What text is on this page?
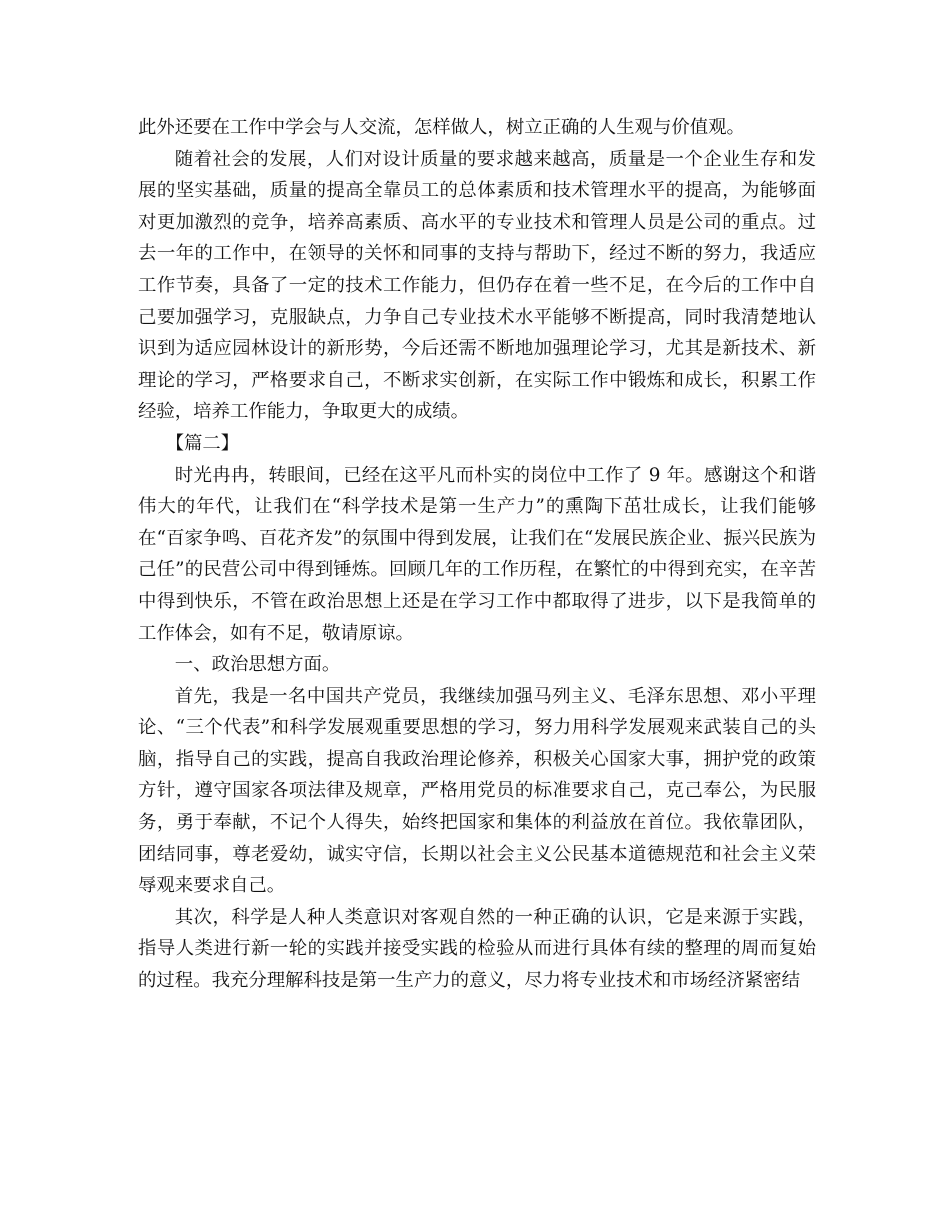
此外还要在工作中学会与人交流，怎样做人，树立正确的人生观与价值观。

随着社会的发展，人们对设计质量的要求越来越高，质量是一个企业生存和发展的坚实基础，质量的提高全靠员工的总体素质和技术管理水平的提高，为能够面对更加激烈的竞争，培养高素质、高水平的专业技术和管理人员是公司的重点。过去一年的工作中，在领导的关怀和同事的支持与帮助下，经过不断的努力，我适应工作节奏，具备了一定的技术工作能力，但仍存在着一些不足，在今后的工作中自己要加强学习，克服缺点，力争自己专业技术水平能够不断提高，同时我清楚地认识到为适应园林设计的新形势，今后还需不断地加强理论学习，尤其是新技术、新理论的学习，严格要求自己，不断求实创新，在实际工作中锻炼和成长，积累工作经验，培养工作能力，争取更大的成绩。

【篇二】

时光冉冉，转眼间，已经在这平凡而朴实的岗位中工作了 9 年。感谢这个和谐伟大的年代，让我们在“科学技术是第一生产力”的熏陶下茁壮成长，让我们能够在“百家争鸣、百花齐发”的氛围中得到发展，让我们在“发展民族企业、振兴民族为己任”的民营公司中得到锤炼。回顾几年的工作历程，在繁忙的中得到充实，在辛苦中得到快乐，不管在政治思想上还是在学习工作中都取得了进步，以下是我简单的工作体会，如有不足，敬请原谅。

一、政治思想方面。

首先，我是一名中国共产党员，我继续加强马列主义、毛泽东思想、邓小平理论、“三个代表”和科学发展观重要思想的学习，努力用科学发展观来武装自己的头脑，指导自己的实践，提高自我政治理论修养，积极关心国家大事，拥护党的政策方针，遵守国家各项法律及规章，严格用党员的标准要求自己，克己奉公，为民服务，勇于奉献，不记个人得失，始终把国家和集体的利益放在首位。我依靠团队，团结同事，尊老爱幼，诚实守信，长期以社会主义公民基本道德规范和社会主义荣辱观来要求自己。

其次，科学是人种人类意识对客观自然的一种正确的认识，它是来源于实践，指导人类进行新一轮的实践并接受实践的检验从而进行具体有续的整理的周而复始的过程。我充分理解科技是第一生产力的意义，尽力将专业技术和市场经济紧密结
